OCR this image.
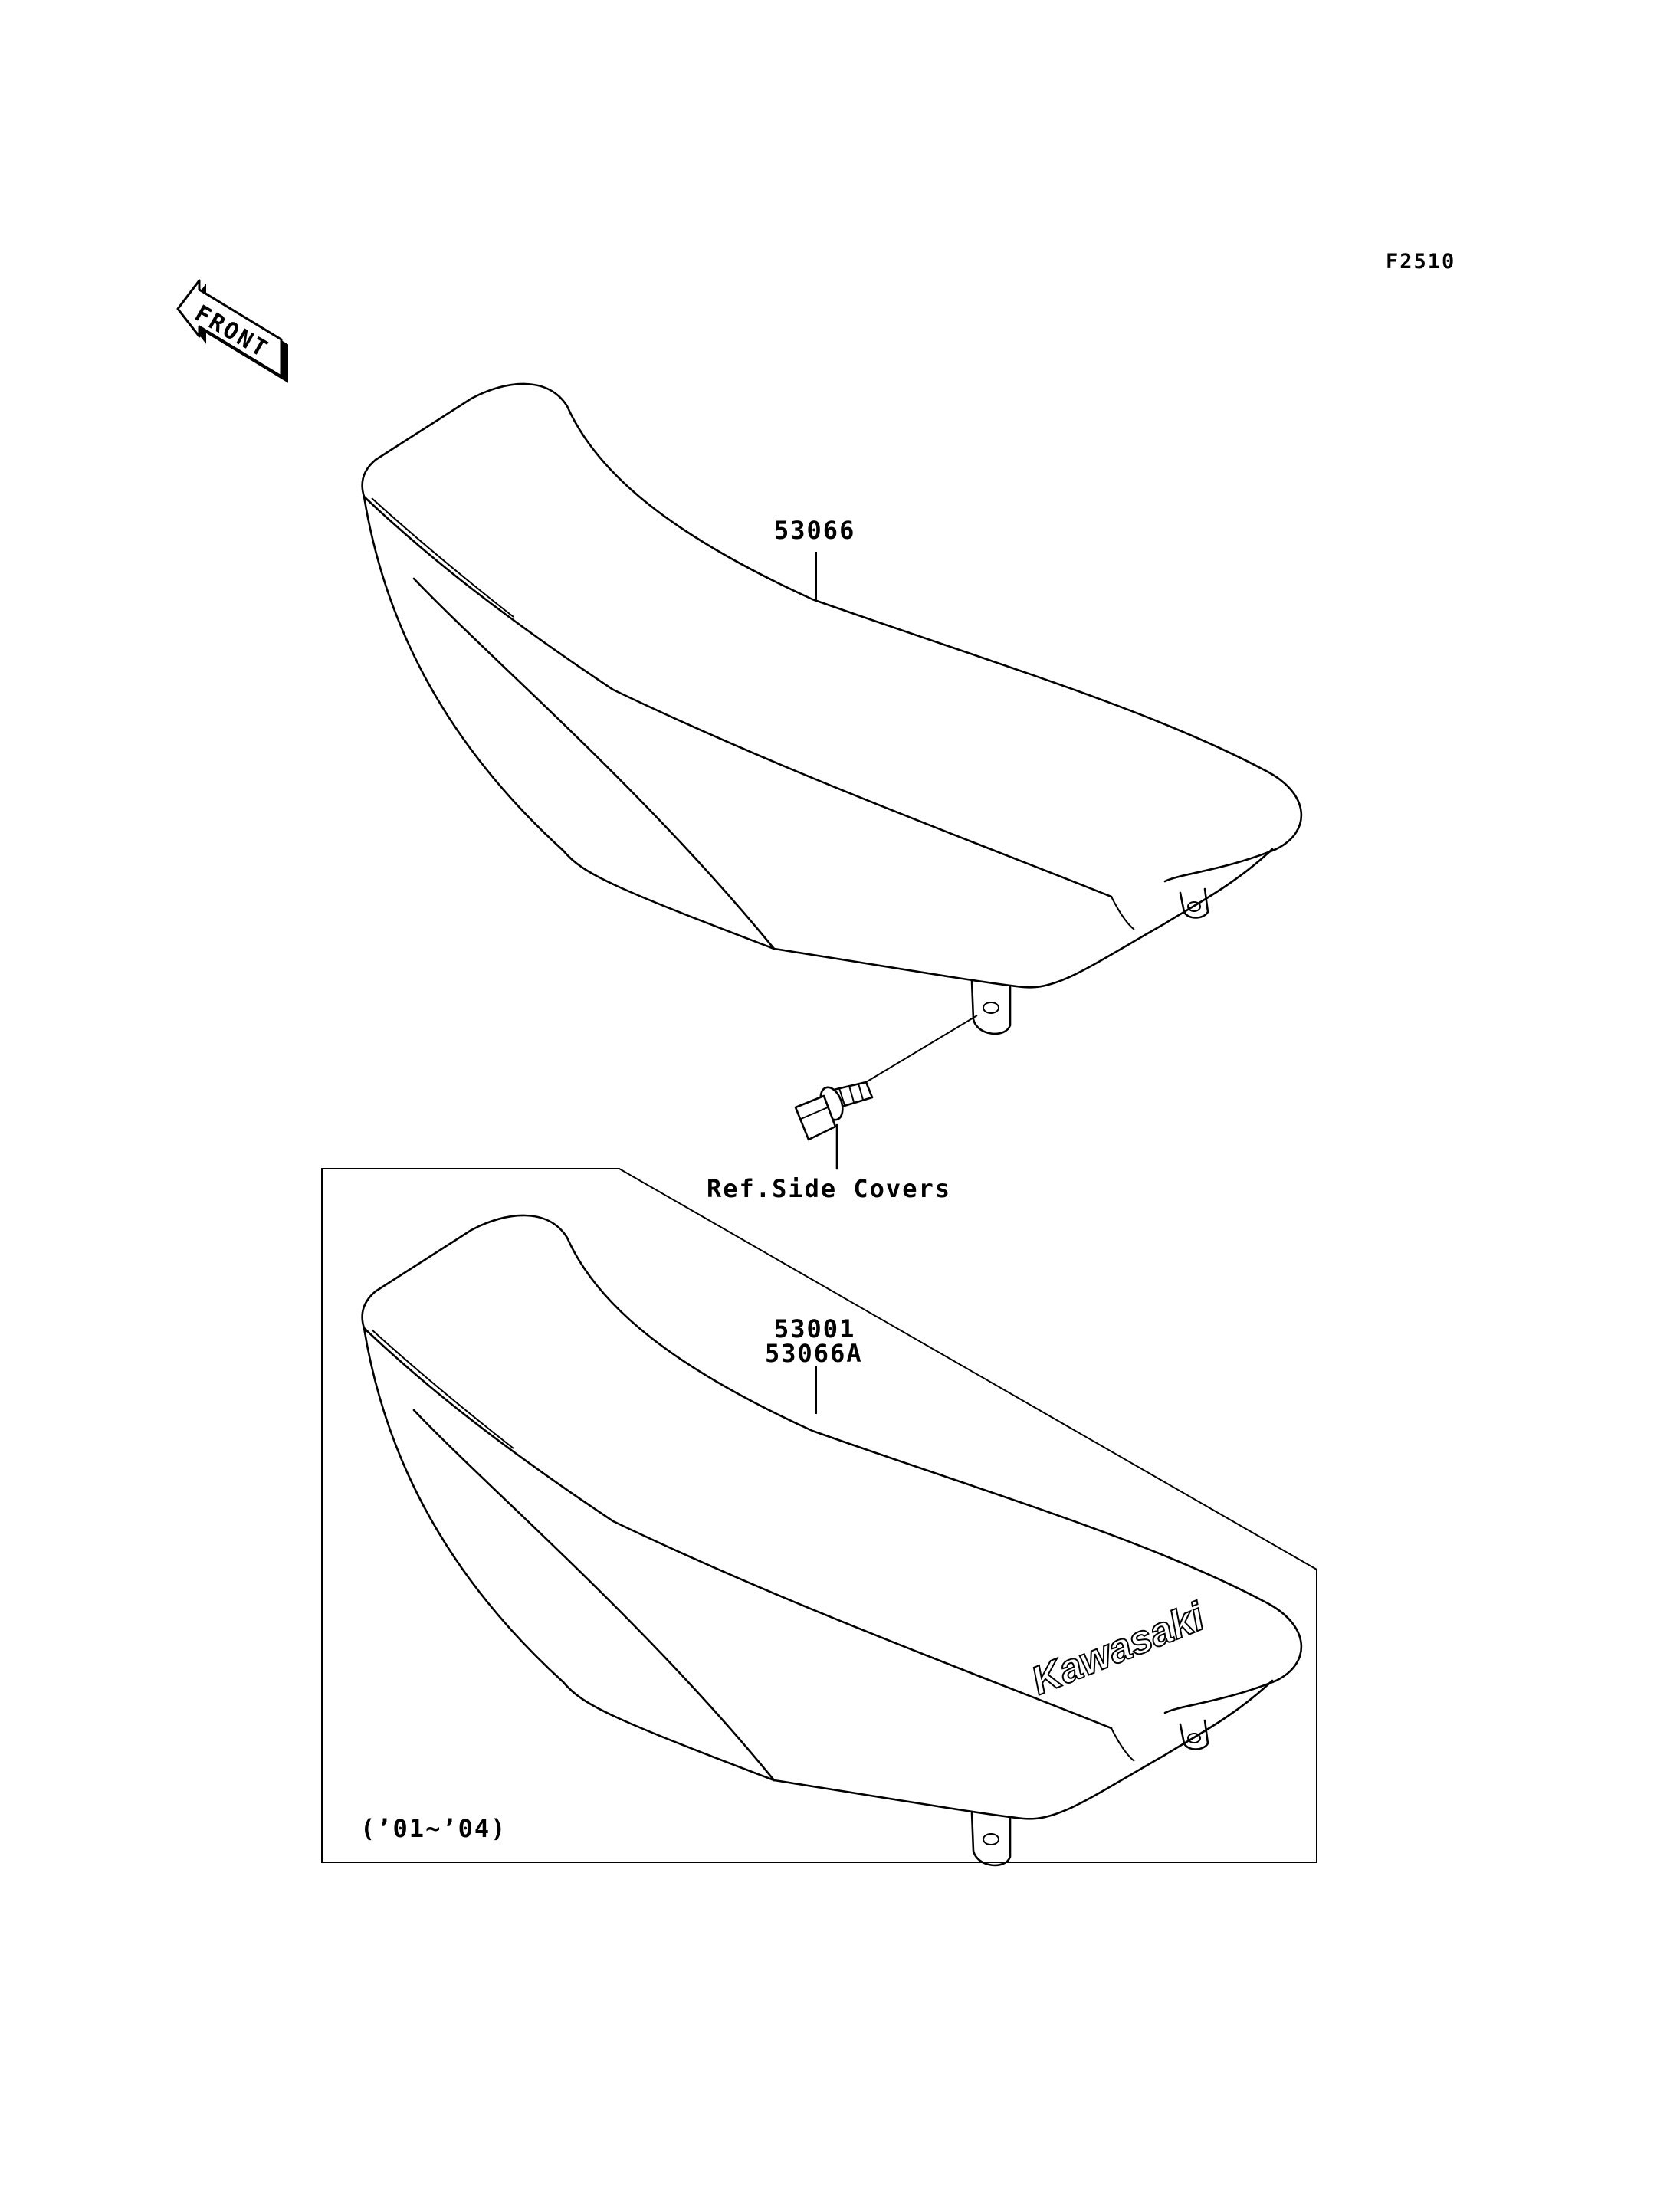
F2510
FRONT
53066
Ref.Side Covers
Kawasaki
53001
53066A
(’01~’04)
